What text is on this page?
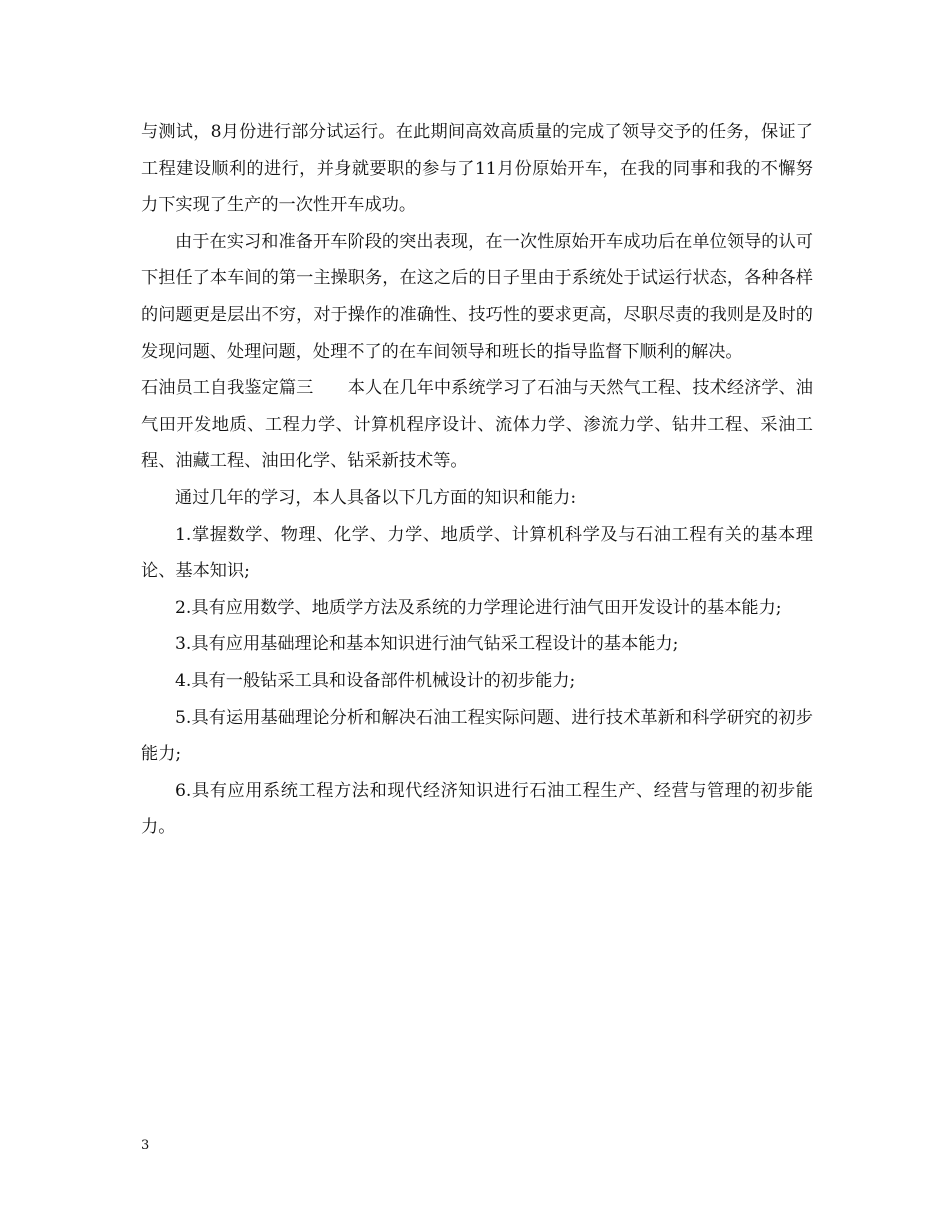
与测试，8月份进行部分试运行。在此期间高效高质量的完成了领导交予的任务，保证了工程建设顺利的进行，并身就要职的参与了11月份原始开车，在我的同事和我的不懈努力下实现了生产的一次性开车成功。

由于在实习和准备开车阶段的突出表现，在一次性原始开车成功后在单位领导的认可下担任了本车间的第一主操职务，在这之后的日子里由于系统处于试运行状态，各种各样的问题更是层出不穷，对于操作的准确性、技巧性的要求更高，尽职尽责的我则是及时的发现问题、处理问题，处理不了的在车间领导和班长的指导监督下顺利的解决。

石油员工自我鉴定篇三　　本人在几年中系统学习了石油与天然气工程、技术经济学、油气田开发地质、工程力学、计算机程序设计、流体力学、渗流力学、钻井工程、采油工程、油藏工程、油田化学、钻采新技术等。

通过几年的学习，本人具备以下几方面的知识和能力:

1.掌握数学、物理、化学、力学、地质学、计算机科学及与石油工程有关的基本理论、基本知识;

2.具有应用数学、地质学方法及系统的力学理论进行油气田开发设计的基本能力;

3.具有应用基础理论和基本知识进行油气钻采工程设计的基本能力;

4.具有一般钻采工具和设备部件机械设计的初步能力;

5.具有运用基础理论分析和解决石油工程实际问题、进行技术革新和科学研究的初步能力;

6.具有应用系统工程方法和现代经济知识进行石油工程生产、经营与管理的初步能力。

3
